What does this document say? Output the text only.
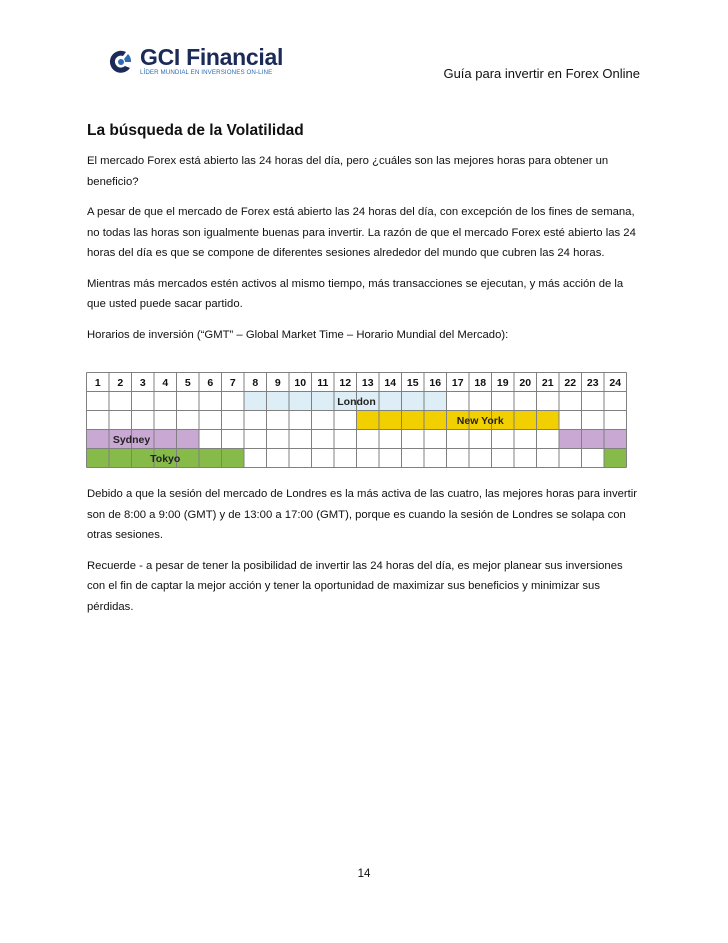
GCI Financial
LÍDER MUNDIAL EN INVERSIONES ON-LINE	Guía para invertir en Forex Online
La búsqueda de la Volatilidad

El mercado Forex está abierto las 24 horas del día, pero ¿cuáles son las mejores horas para obtener un beneficio?

A pesar de que el mercado de Forex está abierto las 24 horas del día, con excepción de los fines de semana, no todas las horas son igualmente buenas para invertir. La razón de que el mercado Forex esté abierto las 24 horas del día es que se compone de diferentes sesiones alrededor del mundo que cubren las 24 horas.

Mientras más mercados estén activos al mismo tiempo, más transacciones se ejecutan, y más acción de la que usted puede sacar partido.

Horarios de inversión (“GMT” – Global Market Time – Horario Mundial del Mercado):

1 2 3 4 5 6 7 8 9 10 11 12 13 14 15 16 17 18 19 20 21 22 23 24
London
New York
Sydney
Tokyo

Debido a que la sesión del mercado de Londres es la más activa de las cuatro, las mejores horas para invertir son de 8:00 a 9:00 (GMT) y de 13:00 a 17:00 (GMT), porque es cuando la sesión de Londres se solapa con otras sesiones.

Recuerde - a pesar de tener la posibilidad de invertir las 24 horas del día, es mejor planear sus inversiones con el fin de captar la mejor acción y tener la oportunidad de maximizar sus beneficios y minimizar sus pérdidas.

14
